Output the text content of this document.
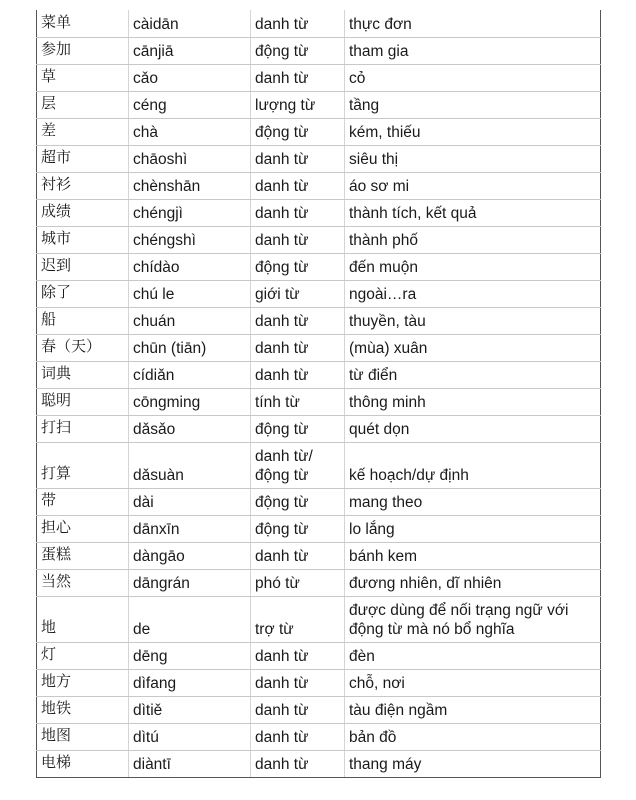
菜单	càidān	danh từ	thực đơn
参加	cānjiā	động từ	tham gia
草	cǎo	danh từ	cỏ
层	céng	lượng từ	tầng
差	chà	động từ	kém, thiếu
超市	chāoshì	danh từ	siêu thị
衬衫	chènshān	danh từ	áo sơ mi
成绩	chéngjì	danh từ	thành tích, kết quả
城市	chéngshì	danh từ	thành phố
迟到	chídào	động từ	đến muộn
除了	chú le	giới từ	ngoài…ra
船	chuán	danh từ	thuyền, tàu
春（天）	chūn (tiān)	danh từ	(mùa) xuân
词典	cídiǎn	danh từ	từ điển
聪明	cōngming	tính từ	thông minh
打扫	dǎsǎo	động từ	quét dọn
打算	dǎsuàn	danh từ/động từ	kế hoạch/dự định
带	dài	động từ	mang theo
担心	dānxīn	động từ	lo lắng
蛋糕	dàngāo	danh từ	bánh kem
当然	dāngrán	phó từ	đương nhiên, dĩ nhiên
地	de	trợ từ	được dùng để nối trạng ngữ với động từ mà nó bổ nghĩa
灯	dēng	danh từ	đèn
地方	dìfang	danh từ	chỗ, nơi
地铁	dìtiě	danh từ	tàu điện ngầm
地图	dìtú	danh từ	bản đồ
电梯	diàntī	danh từ	thang máy
